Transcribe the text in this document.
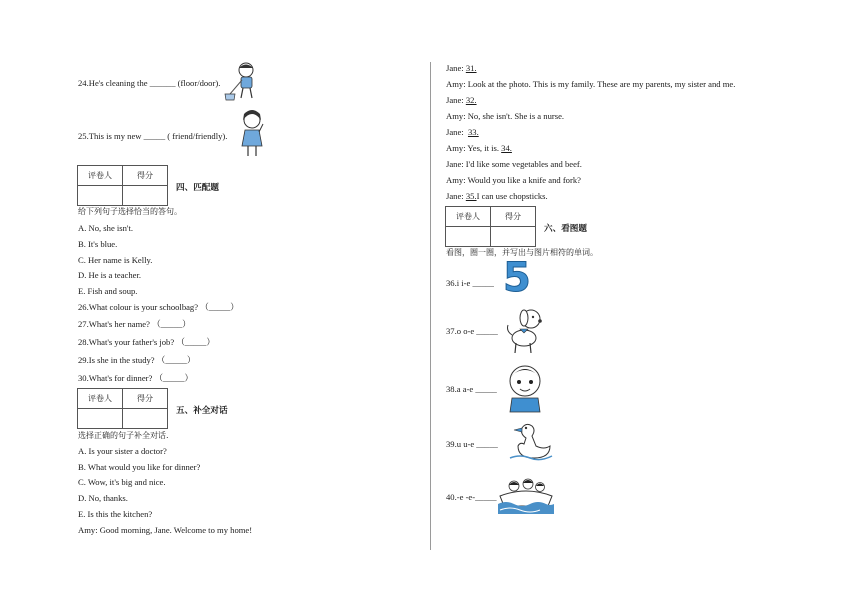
24.He's cleaning the ______ (floor/door).
25.This is my new _____ ( friend/friendly).
评卷人	得分

四、匹配题
给下列句子选择恰当的答句。
A. No, she isn't.
B. It's blue.
C. Her name is Kelly.
D. He is a teacher.
E. Fish and soup.
26.What colour is your schoolbag? （_____）
27.What's her name? （_____）
28.What's your father's job? （_____）
29.Is she in the study? （_____）
30.What's for dinner? （_____）
评卷人	得分

五、补全对话
选择正确的句子补全对话.
A. Is your sister a doctor?
B. What would you like for dinner?
C. Wow, it's big and nice.
D. No, thanks.
E. Is this the kitchen?
Amy: Good morning, Jane. Welcome to my home!
Jane: 31.
Amy: Look at the photo. This is my family. These are my parents, my sister and me.
Jane: 32.
Amy: No, she isn't. She is a nurse.
Jane:  33.
Amy: Yes, it is. 34.
Jane: I'd like some vegetables and beef.
Amy: Would you like a knife and fork?
Jane: 35.I can use chopsticks.
评卷人	得分

六、看图题
看图，圈一圈，并写出与图片相符的单词。
36.i i-e _____ 5
37.o o-e _____
38.a a-e _____
39.u u-e _____
40.-e -e-_____
